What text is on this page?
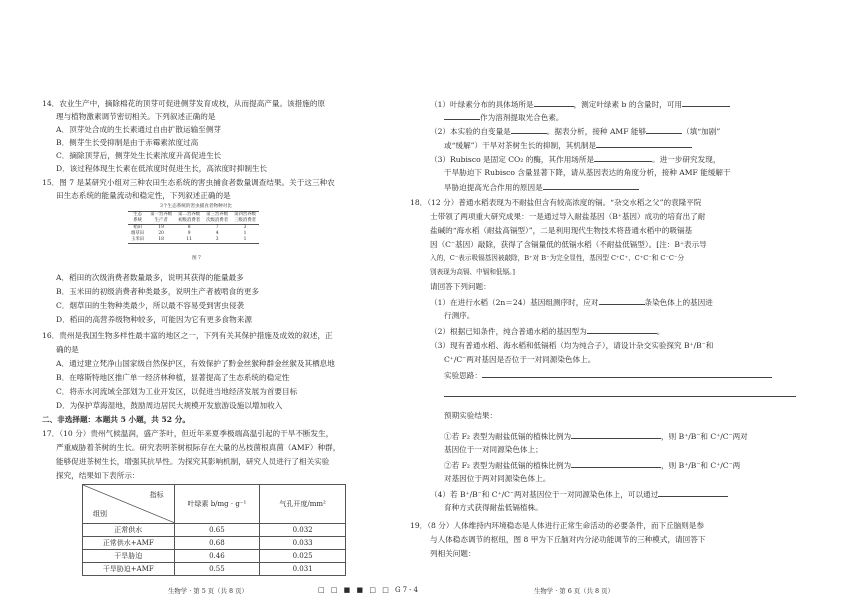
14．农业生产中，摘除棉花的顶芽可促进侧芽发育成枝，从而提高产量。该措施的原
理与植物激素调节密切相关。下列叙述正确的是
A．顶芽处合成的生长素通过自由扩散运输至侧芽
B．侧芽生长受抑制是由于赤霉素浓度过高
C．摘除顶芽后，侧芽处生长素浓度升高促进生长
D．该过程体现生长素在低浓度时促进生长，高浓度时抑制生长
15．图 7 是某研究小组对三种农田生态系统的害虫捕食者数量调查结果。关于这三种农
田生态系统的能量流动和稳定性，下列叙述正确的是
3个生态系统的害虫捕食者物种对比
生态	第一营养级	第二营养级	第三营养级	第四营养级
系统	生产者	初级消费者	次级消费者	三级消费者
稻田	19	8	7	3
烟草田	20	9	4	1
玉米田	18	11	3	1
图 7
A．稻田的次级消费者数量最多，说明其获得的能量最多
B．玉米田的初级消费者种类最多，说明生产者被啃食的更多
C．烟草田的生物种类最少，所以最不容易受到害虫侵袭
D．稻田的高营养级物种较多，可能因为它有更多食物来源
16．贵州是我国生物多样性最丰富的地区之一，下列有关其保护措施及成效的叙述，正
确的是
A．通过建立梵净山国家级自然保护区，有效保护了黔金丝猴种群金丝猴及其栖息地
B．在喀斯特地区推广单一经济林种植，显著提高了生态系统的稳定性
C．将赤水河流域全部划为工业开发区，以促进当地经济发展为首要目标
D．为保护草海湿地，鼓励周边居民大规模开发旅游设施以增加收入
二、非选择题：本题共 5 小题，共 52 分。
17．（10 分）贵州气候温润，盛产茶叶，但近年来夏季极端高温引起的干旱不断发生，
严重威胁着茶树的生长。研究表明茶树根际存在大量的丛枝菌根真菌（AMF）种群，
能够促进茶树生长，增强其抗旱性。为探究其影响机制，研究人员进行了相关实验
探究，结果如下表所示：
指标
组别	叶绿素 b/mg · g⁻¹	气孔开度/mm²
正常供水	0.65	0.032
正常供水+AMF	0.68	0.033
干旱胁迫	0.46	0.025
干旱胁迫+AMF	0.55	0.031
生物学 · 第 5 页（共 8 页）	□ □ ■ ■ □ □ G7-4
（1）叶绿素分布的具体场所是	，测定叶绿素 b 的含量时，可用
作为溶剂提取光合色素。
（2）本实验的自变量是	。据表分析，接种 AMF 能够	（填“加剧”
或“缓解”）干旱对茶树生长的抑制，其机制是
（3）Rubisco 是固定 CO₂ 的酶，其作用场所是	。进一步研究发现，
干旱胁迫下 Rubisco 含量显著下降，请从基因表达的角度分析，接种 AMF 能缓解干
旱胁迫提高光合作用的原因是
18．（12 分）普通水稻表现为不耐盐但含有较高浓度的镉。“杂交水稻之父”的袁隆平院
士带领了两项重大研究成果：一是通过导入耐盐基因（B⁺基因）成功的培育出了耐
盐碱的“海水稻（耐盐高镉型）”，二是利用现代生物技术将普通水稻中的吸镉基
因（C⁻基因）敲除，获得了含镉量低的低镉水稻（不耐盐低镉型）。[注：B⁺表示导
入的，C⁻表示吸镉基因被敲除，B⁺对 B⁻为完全显性，基因型 C⁺C⁺、C⁺C⁻和 C⁻C⁻分
别表现为高镉、中镉和低镉。]
请回答下列问题：
（1）在进行水稻（2n＝24）基因组测序时，应对	条染色体上的基因进
行测序。
（2）根据已知条件，纯合普通水稻的基因型为	。
（3）现有普通水稻、海水稻和低镉稻（均为纯合子），请设计杂交实验探究 B⁺/B⁻和
C⁺/C⁻两对基因是否位于一对同源染色体上。
实验思路：
预期实验结果：
①若 F₂ 表型为耐盐低镉的植株比例为	，则 B⁺/B⁻和 C⁺/C⁻两对
基因位于一对同源染色体上；
②若 F₂ 表型为耐盐低镉的植株比例为	，则 B⁺/B⁻和 C⁺/C⁻两
对基因位于两对同源染色体上。
（4）若 B⁺/B⁻和 C⁺/C⁻两对基因位于一对同源染色体上，可以通过
育种方式获得耐盐低镉植株。
19．（8 分）人体维持内环境稳态是人体进行正常生命活动的必要条件，而下丘脑则是参
与人体稳态调节的枢纽，图 8 甲为下丘脑对内分泌功能调节的三种模式，请回答下
列相关问题：
生物学 · 第 6 页（共 8 页）
